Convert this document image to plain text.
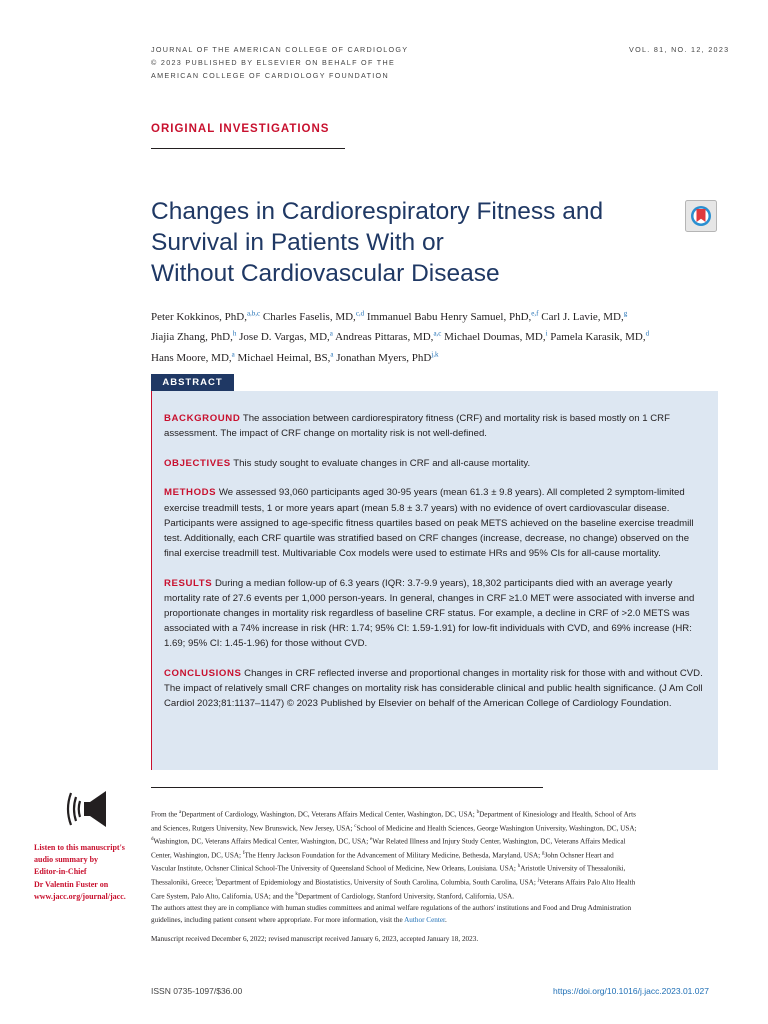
JOURNAL OF THE AMERICAN COLLEGE OF CARDIOLOGY
© 2023 PUBLISHED BY ELSEVIER ON BEHALF OF THE
AMERICAN COLLEGE OF CARDIOLOGY FOUNDATION
VOL. 81, NO. 12, 2023
ORIGINAL INVESTIGATIONS
Changes in Cardiorespiratory Fitness and
Survival in Patients With or
Without Cardiovascular Disease
Peter Kokkinos, PhD,$^{a,b,c}$ Charles Faselis, MD,$^{c,d}$ Immanuel Babu Henry Samuel, PhD,$^{e,f}$ Carl J. Lavie, MD,$^g$
Jiajia Zhang, PhD,$^h$ Jose D. Vargas, MD,$^a$ Andreas Pittaras, MD,$^{a,c}$ Michael Doumas, MD,$^i$ Pamela Karasik, MD,$^d$
Hans Moore, MD,$^a$ Michael Heimal, BS,$^a$ Jonathan Myers, PhD$^{j,k}$
ABSTRACT

BACKGROUND The association between cardiorespiratory fitness (CRF) and mortality risk is based mostly on 1 CRF assessment. The impact of CRF change on mortality risk is not well-defined.

OBJECTIVES This study sought to evaluate changes in CRF and all-cause mortality.

METHODS We assessed 93,060 participants aged 30-95 years (mean 61.3 ± 9.8 years). All completed 2 symptom-limited exercise treadmill tests, 1 or more years apart (mean 5.8 ± 3.7 years) with no evidence of overt cardiovascular disease. Participants were assigned to age-specific fitness quartiles based on peak METS achieved on the baseline exercise treadmill test. Additionally, each CRF quartile was stratified based on CRF changes (increase, decrease, no change) observed on the final exercise treadmill test. Multivariable Cox models were used to estimate HRs and 95% CIs for all-cause mortality.

RESULTS During a median follow-up of 6.3 years (IQR: 3.7-9.9 years), 18,302 participants died with an average yearly mortality rate of 27.6 events per 1,000 person-years. In general, changes in CRF ≥1.0 MET were associated with inverse and proportionate changes in mortality risk regardless of baseline CRF status. For example, a decline in CRF of >2.0 METS was associated with a 74% increase in risk (HR: 1.74; 95% CI: 1.59-1.91) for low-fit individuals with CVD, and 69% increase (HR: 1.69; 95% CI: 1.45-1.96) for those without CVD.

CONCLUSIONS Changes in CRF reflected inverse and proportional changes in mortality risk for those with and without CVD. The impact of relatively small CRF changes on mortality risk has considerable clinical and public health significance. (J Am Coll Cardiol 2023;81:1137–1147) © 2023 Published by Elsevier on behalf of the American College of Cardiology Foundation.

Listen to this manuscript's
audio summary by
Editor-in-Chief
Dr Valentin Fuster on
www.jacc.org/journal/jacc.

From the $^a$Department of Cardiology, Washington, DC, Veterans Affairs Medical Center, Washington, DC, USA; $^b$Department of Kinesiology and Health, School of Arts and Sciences, Rutgers University, New Brunswick, New Jersey, USA; $^c$School of Medicine and Health Sciences, George Washington University, Washington, DC, USA; $^d$Washington, DC, Veterans Affairs Medical Center, Washington, DC, USA; $^e$War Related Illness and Injury Study Center, Washington, DC, Veterans Affairs Medical Center, Washington, DC, USA; $^f$The Henry Jackson Foundation for the Advancement of Military Medicine, Bethesda, Maryland, USA; $^g$John Ochsner Heart and Vascular Institute, Ochsner Clinical School-The University of Queensland School of Medicine, New Orleans, Louisiana. USA; $^h$Aristotle University of Thessaloniki, Thessaloniki, Greece; $^i$Department of Epidemiology and Biostatistics, University of South Carolina, Columbia, South Carolina, USA; $^j$Veterans Affairs Palo Alto Health Care System, Palo Alto, California, USA; and the $^k$Department of Cardiology, Stanford University, Stanford, California, USA.

The authors attest they are in compliance with human studies committees and animal welfare regulations of the authors' institutions and Food and Drug Administration guidelines, including patient consent where appropriate. For more information, visit the Author Center.

Manuscript received December 6, 2022; revised manuscript received January 6, 2023, accepted January 18, 2023.

ISSN 0735-1097/$36.00	https://doi.org/10.1016/j.jacc.2023.01.027
